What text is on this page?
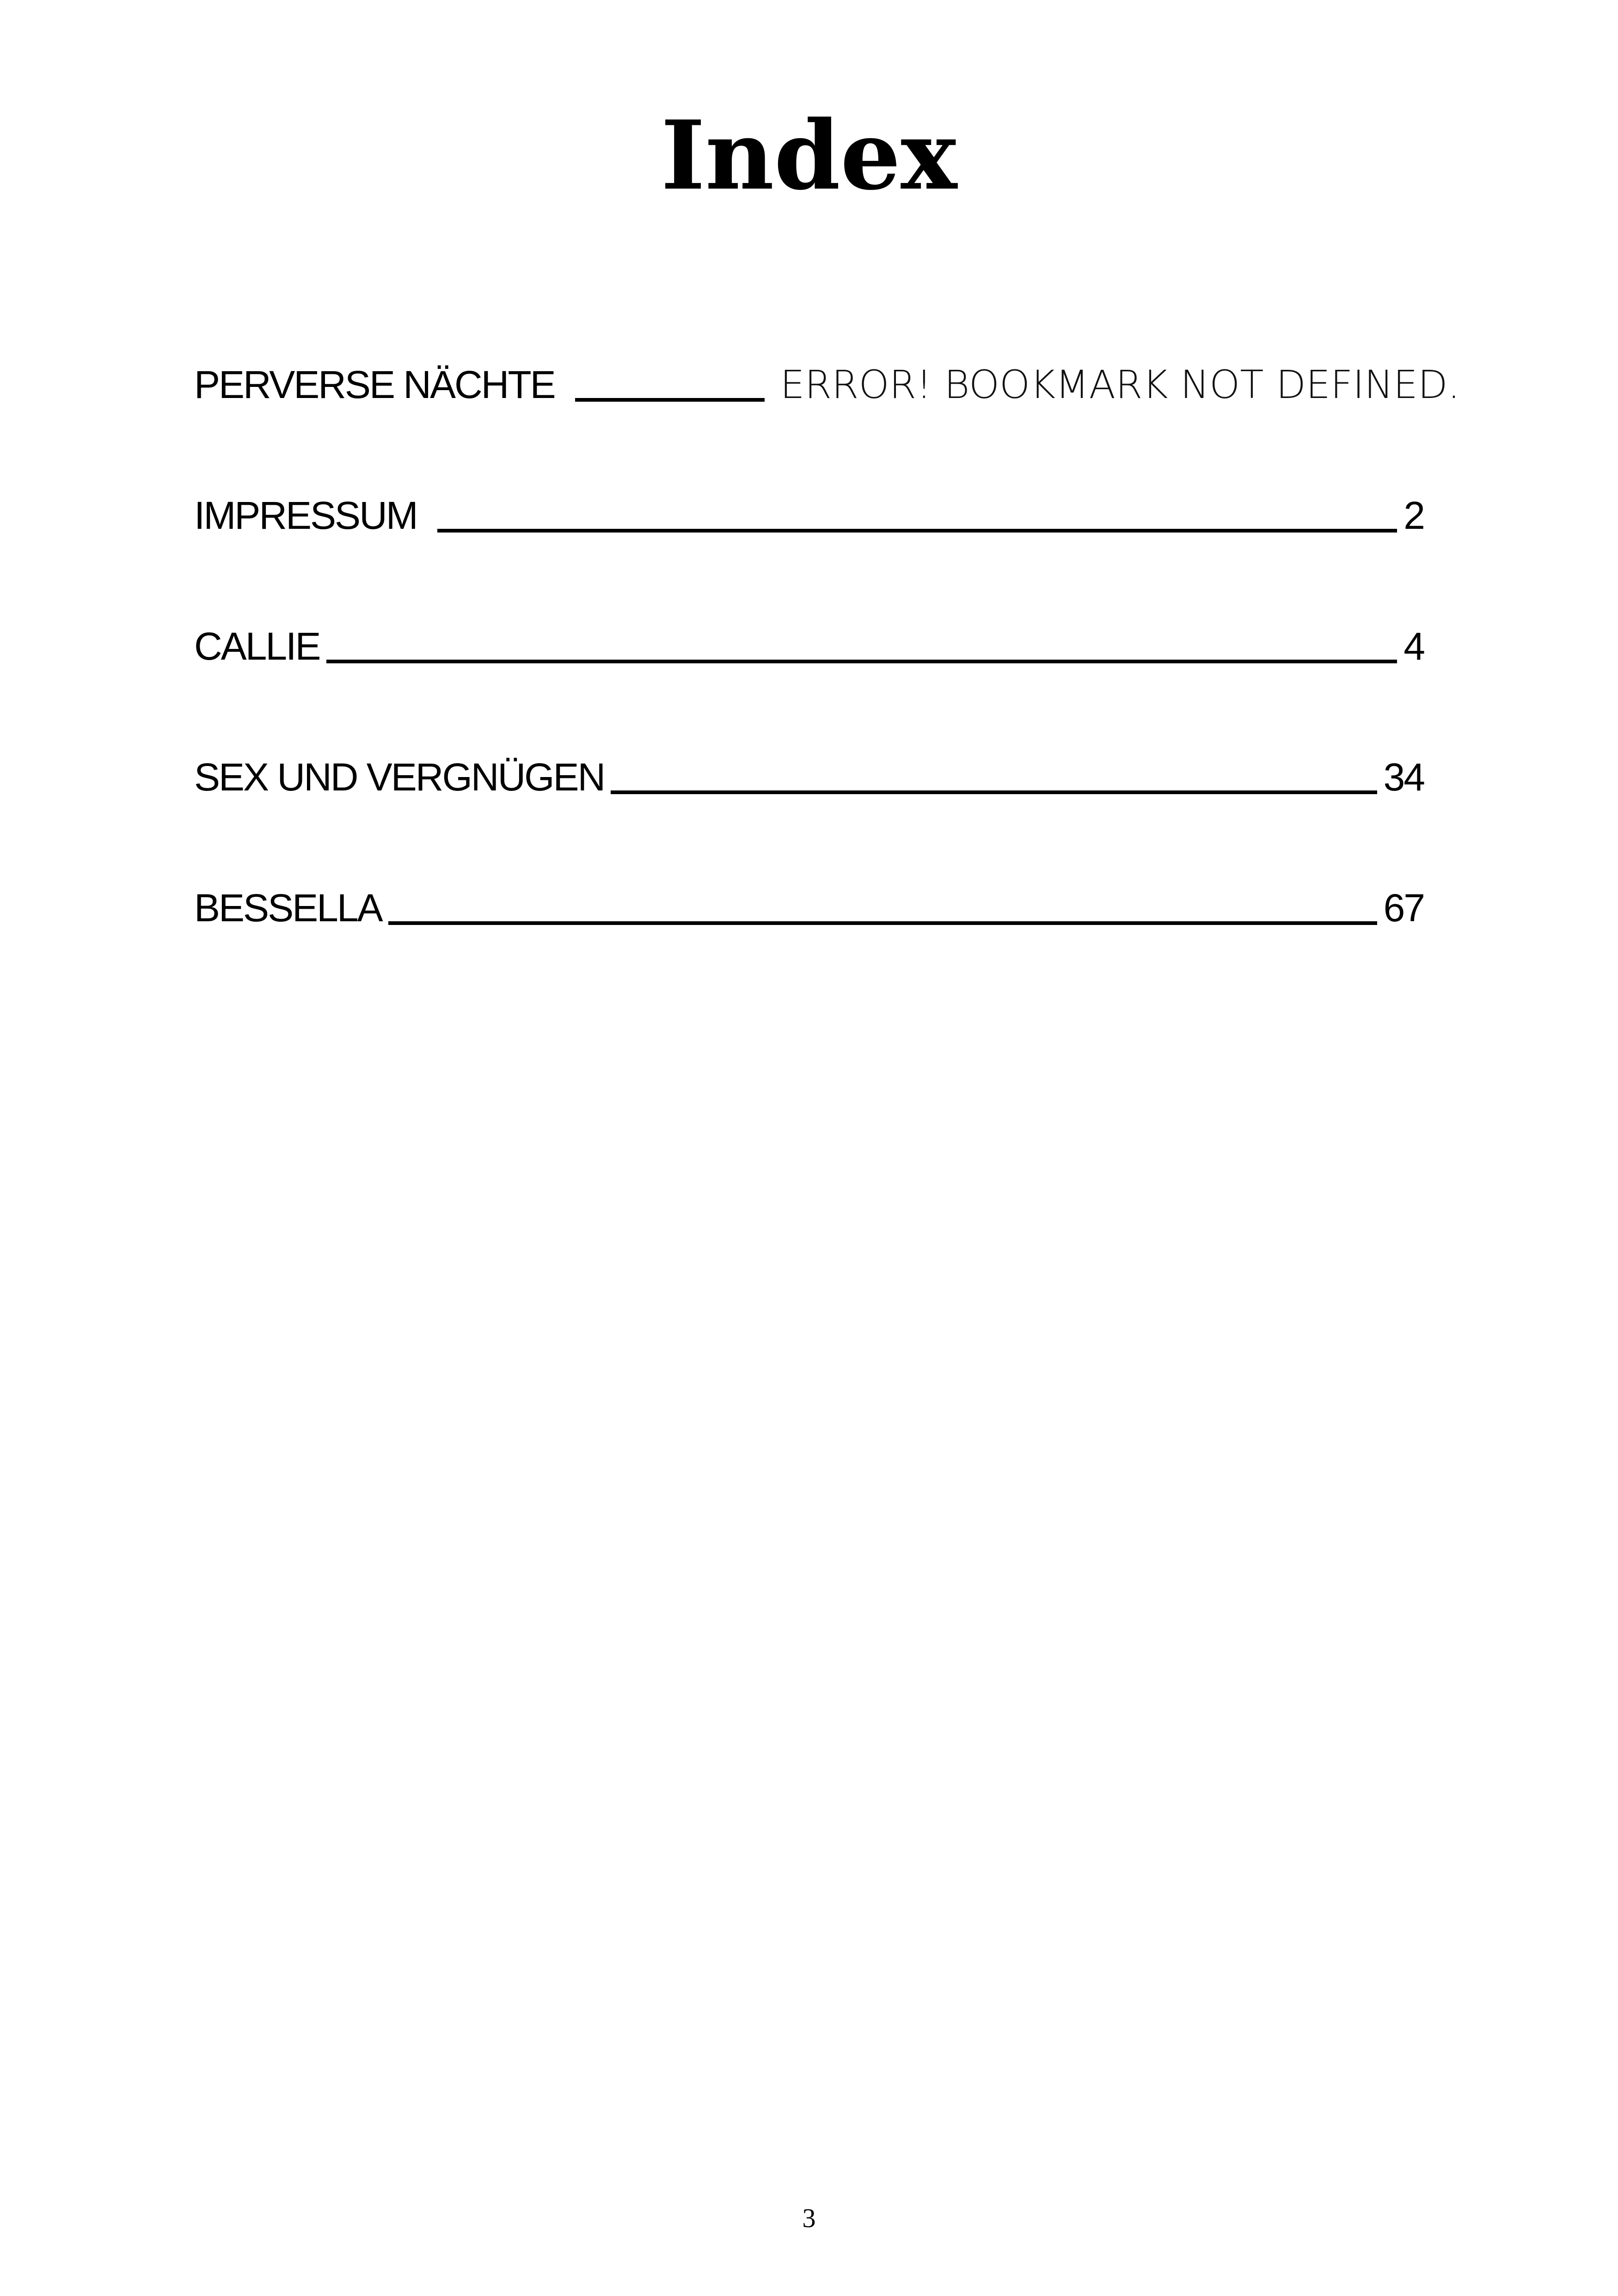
Index
PERVERSE NÄCHTE	ERROR! BOOKMARK NOT DEFINED.
IMPRESSUM	2
CALLIE	4
SEX UND VERGNÜGEN	34
BESSELLA	67
3
